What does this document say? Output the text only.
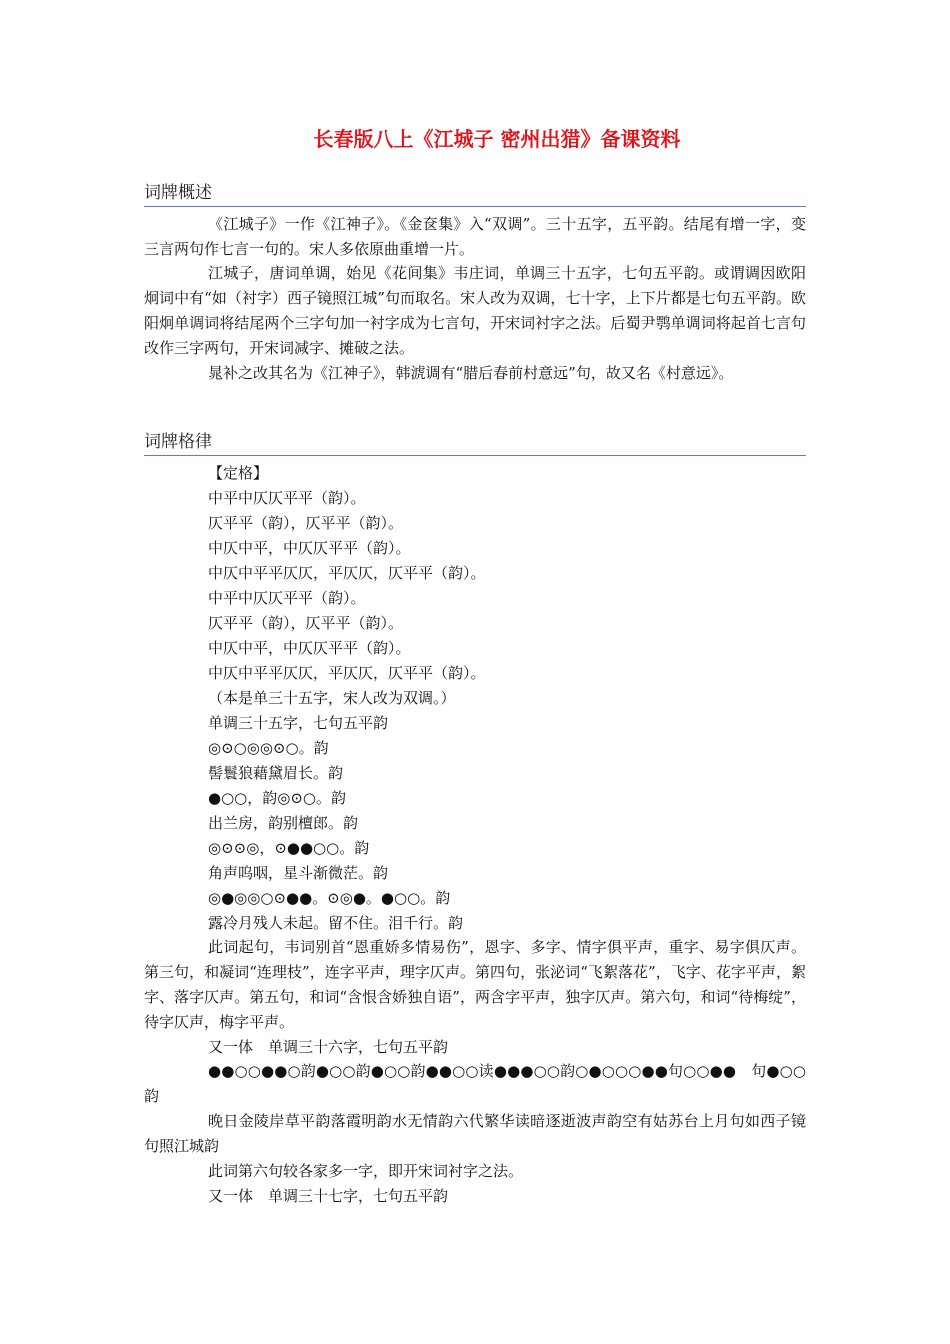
长春版八上《江城子 密州出猎》备课资料
词牌概述

《江城子》一作《江神子》。《金奁集》入“双调”。三十五字，五平韵。结尾有增一字，变三言两句作七言一句的。宋人多依原曲重增一片。

江城子，唐词单调，始见《花间集》韦庄词，单调三十五字，七句五平韵。或谓调因欧阳炯词中有“如（衬字）西子镜照江城”句而取名。宋人改为双调，七十字，上下片都是七句五平韵。欧阳炯单调词将结尾两个三字句加一衬字成为七言句，开宋词衬字之法。后蜀尹鹗单调词将起首七言句改作三字两句，开宋词减字、摊破之法。

晁补之改其名为《江神子》，韩淲调有“腊后春前村意远”句，故又名《村意远》。

词牌格律
【定格】
中平中仄仄平平（韵）。
仄平平（韵），仄平平（韵）。
中仄中平，中仄仄平平（韵）。
中仄中平平仄仄，平仄仄，仄平平（韵）。
中平中仄仄平平（韵）。
仄平平（韵），仄平平（韵）。
中仄中平，中仄仄平平（韵）。
中仄中平平仄仄，平仄仄，仄平平（韵）。
（本是单三十五字，宋人改为双调。）
单调三十五字，七句五平韵
◎⊙○◎◎⊙○。韵
髻鬟狼藉黛眉长。韵
●○○，韵◎⊙○。韵
出兰房，韵别檀郎。韵
◎⊙⊙◎，⊙●●○○。韵
角声呜咽，星斗渐微茫。韵
◎●◎◎○⊙●●。⊙◎●。●○○。韵
露冷月残人未起。留不住。泪千行。韵

此词起句，韦词别首“恩重娇多情易伤”，恩字、多字、情字俱平声，重字、易字俱仄声。第三句，和凝词“连理枝”，连字平声，理字仄声。第四句，张泌词“飞絮落花”，飞字、花字平声，絮字、落字仄声。第五句，和词“含恨含娇独自语”，两含字平声，独字仄声。第六句，和词“待梅绽”，待字仄声，梅字平声。

又一体　单调三十六字，七句五平韵

●●○○●●○韵●○○韵●○○韵●●○○读●●●○○韵○●○○○●●句○○●●　句●○○韵

晚日金陵岸草平韵落霞明韵水无情韵六代繁华读暗逐逝波声韵空有姑苏台上月句如西子镜句照江城韵

此词第六句较各家多一字，即开宋词衬字之法。
又一体　单调三十七字，七句五平韵
